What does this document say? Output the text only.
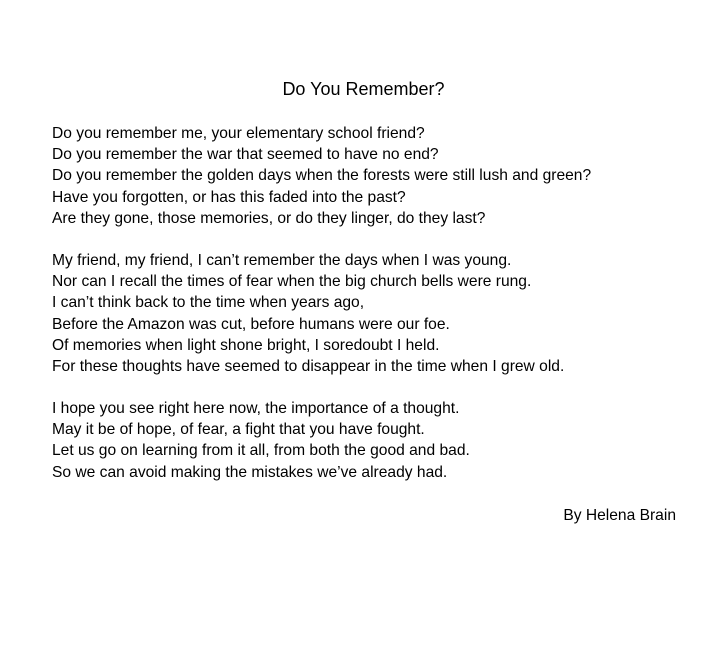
Do You Remember?
Do you remember me, your elementary school friend?
Do you remember the war that seemed to have no end?
Do you remember the golden days when the forests were still lush and green?
Have you forgotten, or has this faded into the past?
Are they gone, those memories, or do they linger, do they last?
My friend, my friend, I can’t remember the days when I was young.
Nor can I recall the times of fear when the big church bells were rung.
I can’t think back to the time when years ago,
Before the Amazon was cut, before humans were our foe.
Of memories when light shone bright, I soredoubt I held.
For these thoughts have seemed to disappear in the time when I grew old.
I hope you see right here now, the importance of a thought.
May it be of hope, of fear, a fight that you have fought.
Let us go on learning from it all, from both the good and bad.
So we can avoid making the mistakes we’ve already had.
By Helena Brain
